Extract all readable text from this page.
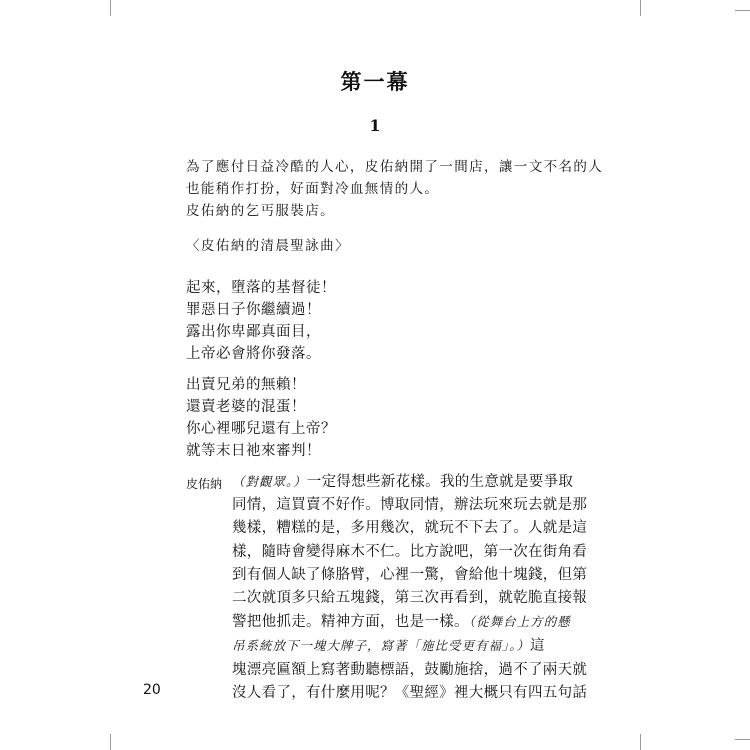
第一幕
1
為了應付日益冷酷的人心，皮佑納開了一間店，讓一文不名的人
也能稍作打扮，好面對冷血無情的人。
皮佑納的乞丐服裝店。
〈皮佑納的清晨聖詠曲〉
起來，墮落的基督徒！
罪惡日子你繼續過！
露出你卑鄙真面目，
上帝必會將你發落。
出賣兄弟的無賴！
還賣老婆的混蛋！
你心裡哪兒還有上帝？
就等末日祂來審判！
皮佑納 （對觀眾。）一定得想些新花樣。我的生意就是要爭取
同情，這買賣不好作。博取同情，辦法玩來玩去就是那
幾樣，糟糕的是，多用幾次，就玩不下去了。人就是這
樣，隨時會變得麻木不仁。比方說吧，第一次在街角看
到有個人缺了條胳臂，心裡一驚，會給他十塊錢，但第
二次就頂多只給五塊錢，第三次再看到，就乾脆直接報
警把他抓走。精神方面，也是一樣。（從舞台上方的懸
吊系統放下一塊大牌子，寫著「施比受更有福」。）這
塊漂亮匾額上寫著動聽標語，鼓勵施捨，過不了兩天就
沒人看了，有什麼用呢？《聖經》裡大概只有四五句話
20
